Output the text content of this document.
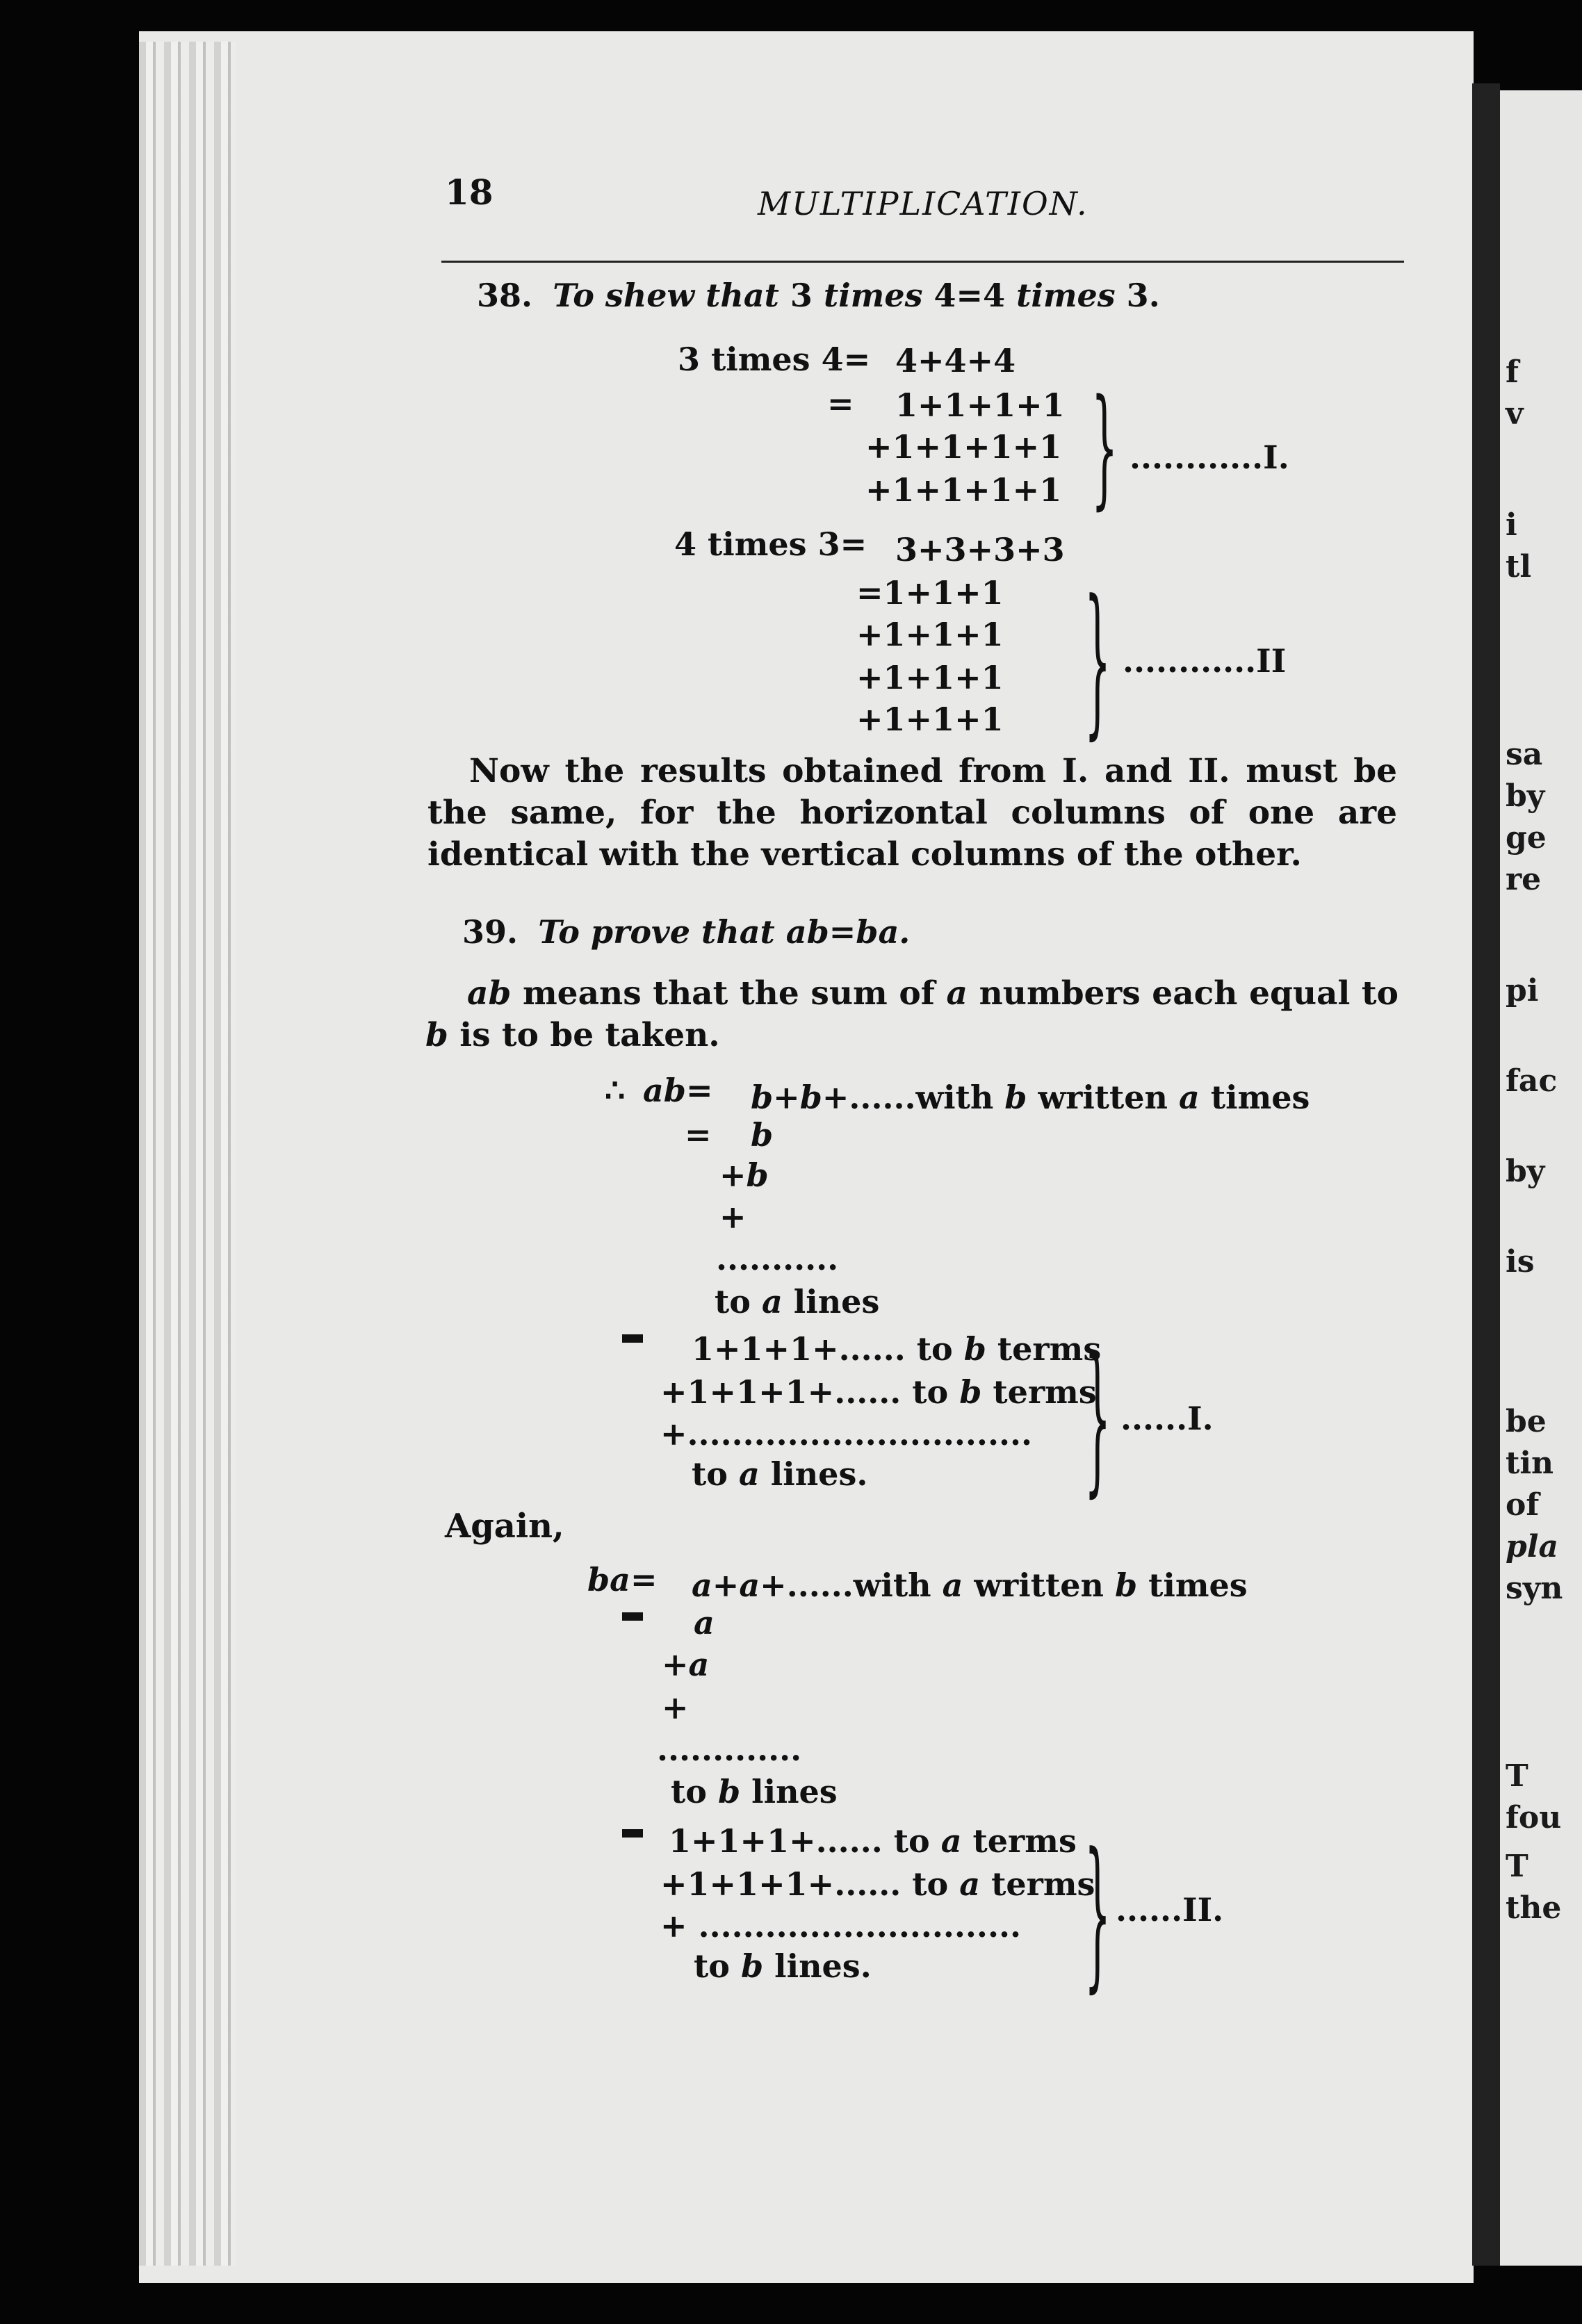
f
v
i
tl
sa
by
ge
re
pi
fac
by
is
be
tin
of
pla
syn
T
fou
T
the
18	MULTIPLICATION.
38. To shew that 3 times 4=4 times 3.
3 times 4= 4+4+4
= 1+1+1+1
+1+1+1+1
+1+1+1+1 } ............I.
4 times 3= 3+3+3+3
=1+1+1
+1+1+1
+1+1+1
+1+1+1 } ............II
Now the results obtained from I. and II. must be the same, for the horizontal columns of one are identical with the vertical columns of the other.
39. To prove that ab=ba.
ab means that the sum of a numbers each equal to b is to be taken.
∴ ab= b+b+......with b written a times
= b
+b
+
...........
to a lines
1+1+1+...... to b terms
+1+1+1+...... to b terms
+...............................
to a lines.	} ......I.
Again,
ba= a+a+......with a written b times
a
+a
+
.............
to b lines
1+1+1+...... to a terms
+1+1+1+...... to a terms
+ .............................
to b lines.	} ......II.
